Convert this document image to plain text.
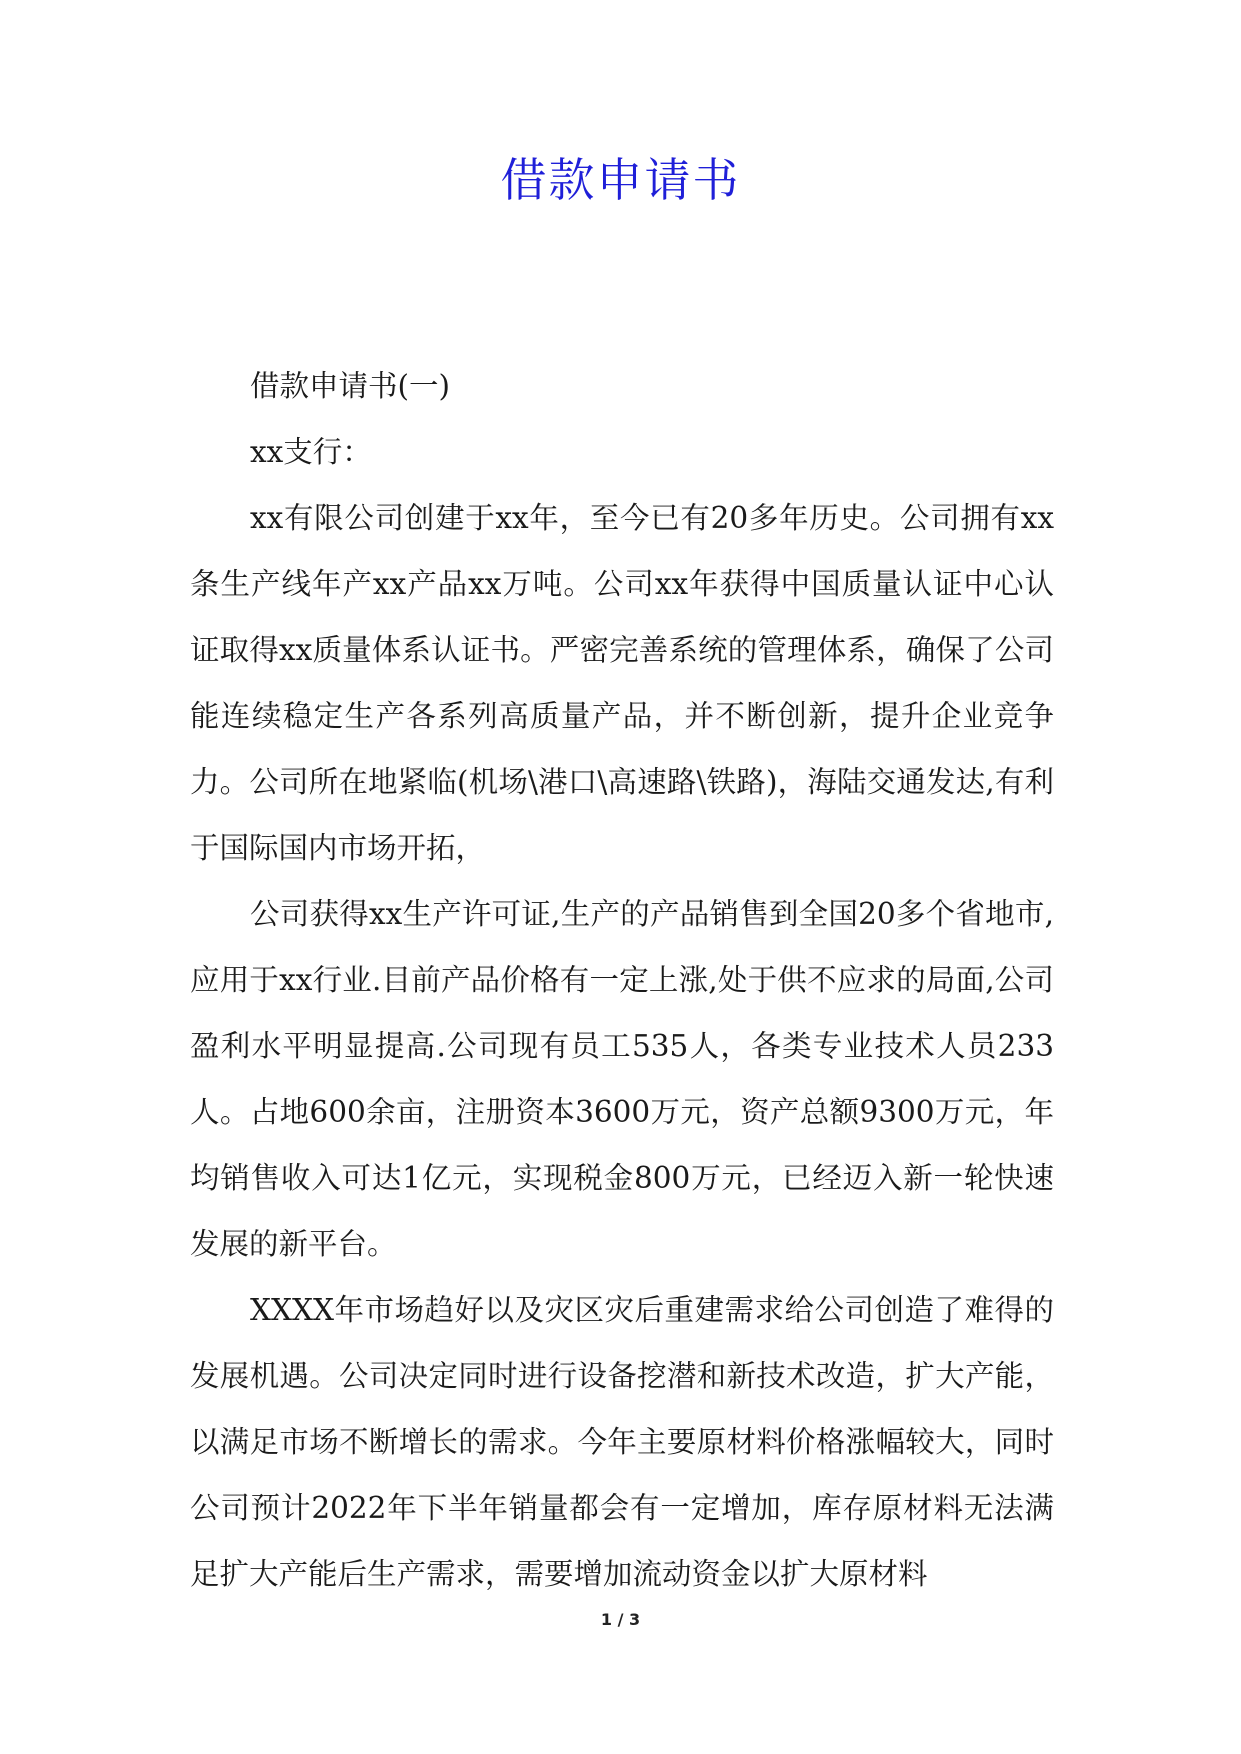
借款申请书

借款申请书(一)

xx支行：

xx有限公司创建于xx年，至今已有20多年历史。公司拥有xx条生产线年产xx产品xx万吨。公司xx年获得中国质量认证中心认证取得xx质量体系认证书。严密完善系统的管理体系，确保了公司能连续稳定生产各系列高质量产品，并不断创新，提升企业竞争力。公司所在地紧临(机场\港口\高速路\铁路)，海陆交通发达,有利于国际国内市场开拓，

公司获得xx生产许可证,生产的产品销售到全国20多个省地市,应用于xx行业.目前产品价格有一定上涨,处于供不应求的局面,公司盈利水平明显提高.公司现有员工535人，各类专业技术人员233人。占地600余亩，注册资本3600万元，资产总额9300万元，年均销售收入可达1亿元，实现税金800万元，已经迈入新一轮快速发展的新平台。

XXXX年市场趋好以及灾区灾后重建需求给公司创造了难得的发展机遇。公司决定同时进行设备挖潜和新技术改造，扩大产能，以满足市场不断增长的需求。今年主要原材料价格涨幅较大，同时公司预计2022年下半年销量都会有一定增加，库存原材料无法满足扩大产能后生产需求，需要增加流动资金以扩大原材料

1 / 3
